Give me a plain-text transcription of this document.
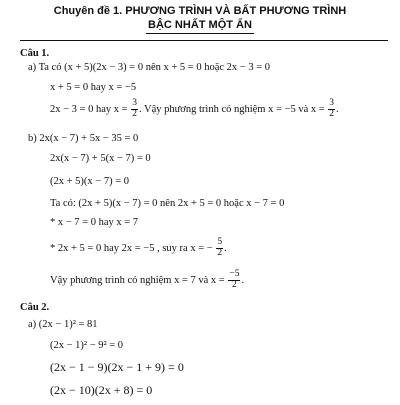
Chuyên đề 1. PHƯƠNG TRÌNH VÀ BẤT PHƯƠNG TRÌNH
BẬC NHẤT MỘT ẨN
Câu 1.
a) Ta có (x + 5)(2x − 3) = 0 nên x + 5 = 0 hoặc 2x − 3 = 0
x + 5 = 0 hay x = −5
2x − 3 = 0 hay $x = \frac{3}{2}$ . Vậy phương trình có nghiệm x = −5 và $x = \frac{3}{2}$ .
b) 2x(x − 7) + 5x − 35 = 0
2x(x − 7) + 5(x − 7) = 0
(2x + 5)(x − 7) = 0
Ta có: (2x + 5)(x − 7) = 0 nên 2x + 5 = 0 hoặc x − 7 = 0
* x − 7 = 0 hay x = 7
* 2x + 5 = 0 hay 2x = −5 , suy ra x = − $\frac{5}{2}$ .
Vậy phương trình có nghiệm x = 7 và $x = \frac{-5}{2}$ .
Câu 2.
a) (2x − 1)² = 81
(2x − 1)² − 9² = 0
(2x − 1 − 9)(2x − 1 + 9) = 0
(2x − 10)(2x + 8) = 0
